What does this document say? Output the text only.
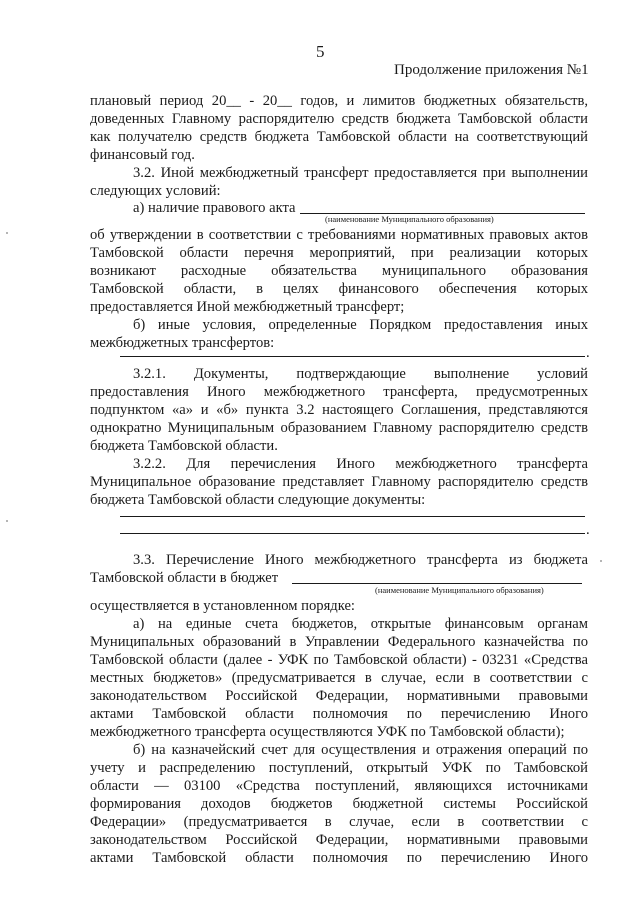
5
Продолжение приложения №1
плановый период 20__ - 20__ годов, и лимитов бюджетных обязательств,
доведенных Главному распорядителю средств бюджета Тамбовской области
как получателю средств бюджета Тамбовской области на соответствующий
финансовый год.
3.2. Иной межбюджетный трансферт предоставляется при выполнении
следующих условий:
а) наличие правового акта
(наименование Муниципального образования)
об утверждении в соответствии с требованиями нормативных правовых актов
Тамбовской области перечня мероприятий, при реализации которых
возникают расходные обязательства муниципального образования
Тамбовской области, в целях финансового обеспечения которых
предоставляется Иной межбюджетный трансферт;
б) иные условия, определенные Порядком предоставления иных
межбюджетных трансфертов:
.
3.2.1. Документы, подтверждающие выполнение условий
предоставления Иного межбюджетного трансферта, предусмотренных
подпунктом «а» и «б» пункта 3.2 настоящего Соглашения, представляются
однократно Муниципальным образованием Главному распорядителю средств
бюджета Тамбовской области.
3.2.2. Для перечисления Иного межбюджетного трансферта
Муниципальное образование представляет Главному распорядителю средств
бюджета Тамбовской области следующие документы:
.
3.3. Перечисление Иного межбюджетного трансферта из бюджета
Тамбовской области в бюджет
(наименование Муниципального образования)
осуществляется в установленном порядке:
а) на единые счета бюджетов, открытые финансовым органам
Муниципальных образований в Управлении Федерального казначейства по
Тамбовской области (далее - УФК по Тамбовской области) - 03231 «Средства
местных бюджетов» (предусматривается в случае, если в соответствии с
законодательством Российской Федерации, нормативными правовыми
актами Тамбовской области полномочия по перечислению Иного
межбюджетного трансферта осуществляются УФК по Тамбовской области);
б) на казначейский счет для осуществления и отражения операций по
учету и распределению поступлений, открытый УФК по Тамбовской
области — 03100 «Средства поступлений, являющихся источниками
формирования доходов бюджетов бюджетной системы Российской
Федерации» (предусматривается в случае, если в соответствии с
законодательством Российской Федерации, нормативными правовыми
актами Тамбовской области полномочия по перечислению Иного
